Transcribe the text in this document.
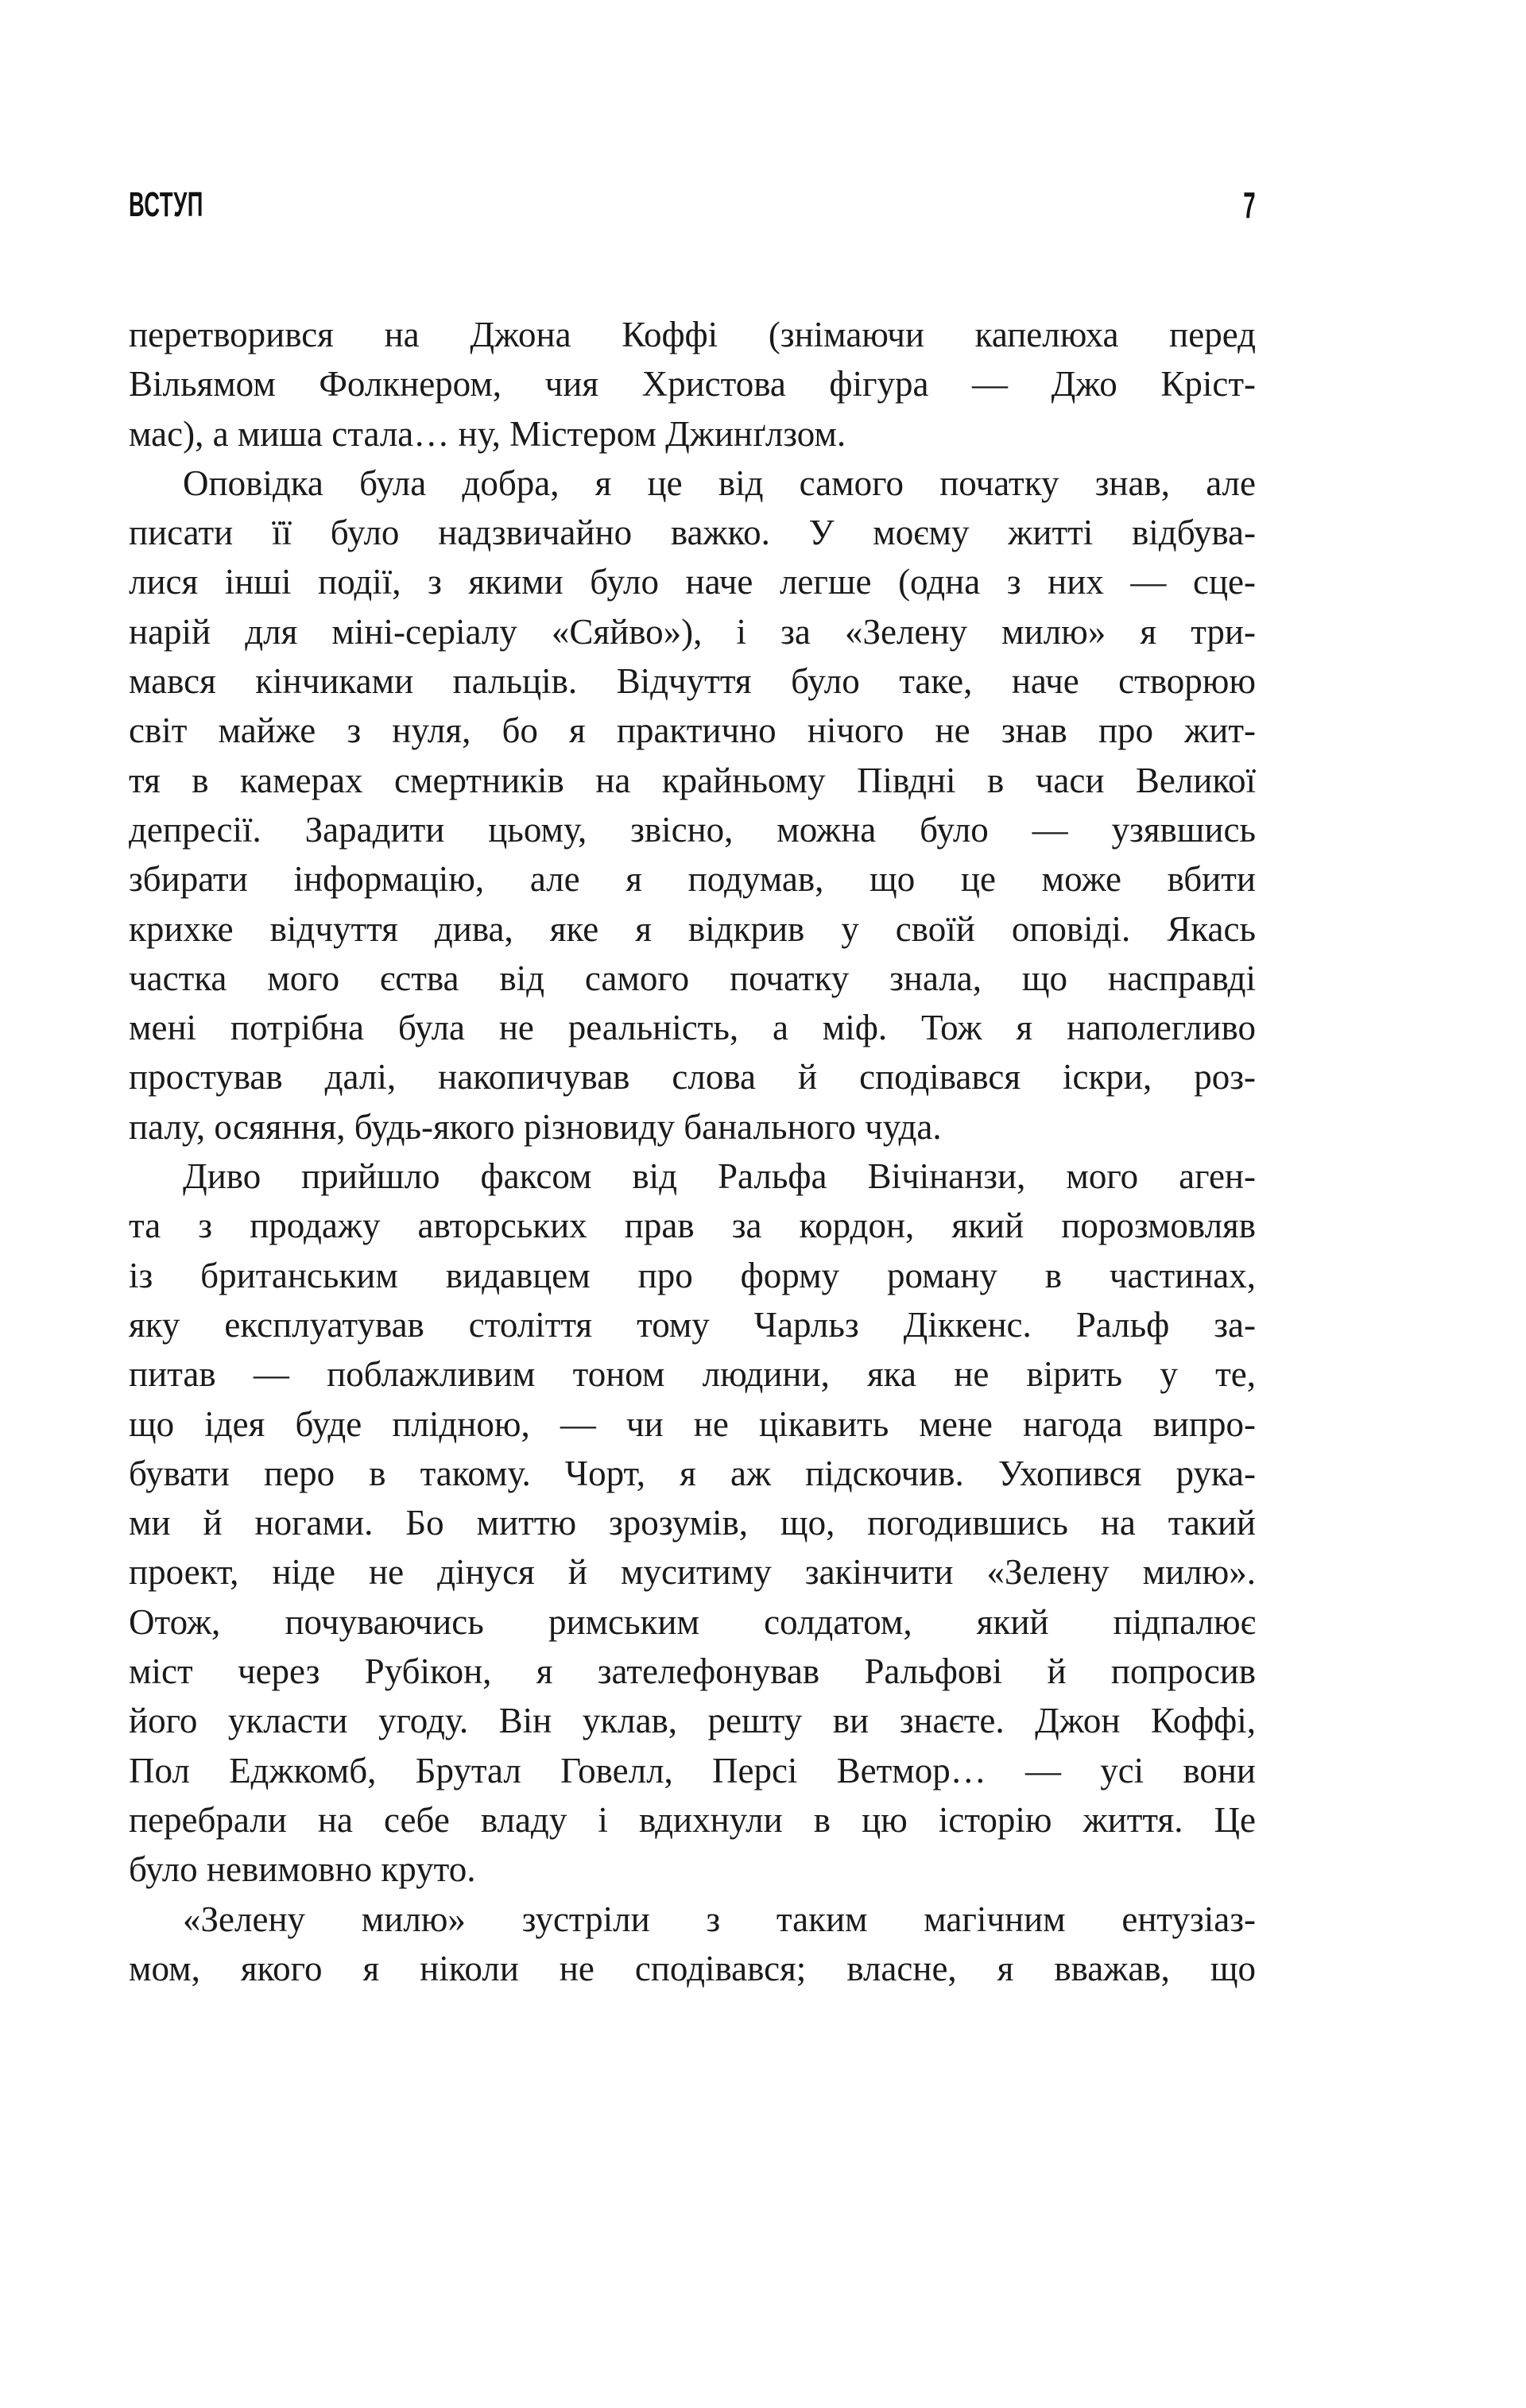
ВСТУП	7
перетворився на Джона Коффі (знімаючи капелюха перед
Вільямом Фолкнером, чия Христова фігура — Джо Кріст-
мас), а миша стала… ну, Містером Джинґлзом.
Оповідка була добра, я це від самого початку знав, але
писати її було надзвичайно важко. У моєму житті відбува-
лися інші події, з якими було наче легше (одна з них — сце-
нарій для міні-серіалу «Сяйво»), і за «Зелену милю» я три-
мався кінчиками пальців. Відчуття було таке, наче створюю
світ майже з нуля, бо я практично нічого не знав про жит-
тя в камерах смертників на крайньому Півдні в часи Великої
депресії. Зарадити цьому, звісно, можна було — узявшись
збирати інформацію, але я подумав, що це може вбити
крихке відчуття дива, яке я відкрив у своїй оповіді. Якась
частка мого єства від самого початку знала, що насправді
мені потрібна була не реальність, а міф. Тож я наполегливо
простував далі, накопичував слова й сподівався іскри, роз-
палу, осяяння, будь-якого різновиду банального чуда.
Диво прийшло факсом від Ральфа Вічінанзи, мого аген-
та з продажу авторських прав за кордон, який порозмовляв
із британським видавцем про форму роману в частинах,
яку експлуатував століття тому Чарльз Діккенс. Ральф за-
питав — поблажливим тоном людини, яка не вірить у те,
що ідея буде плідною, — чи не цікавить мене нагода випро-
бувати перо в такому. Чорт, я аж підскочив. Ухопився рука-
ми й ногами. Бо миттю зрозумів, що, погодившись на такий
проект, ніде не дінуся й муситиму закінчити «Зелену милю».
Отож, почуваючись римським солдатом, який підпалює
міст через Рубікон, я зателефонував Ральфові й попросив
його укласти угоду. Він уклав, решту ви знаєте. Джон Коффі,
Пол Еджкомб, Брутал Говелл, Персі Ветмор… — усі вони
перебрали на себе владу і вдихнули в цю історію життя. Це
було невимовно круто.
«Зелену милю» зустріли з таким магічним ентузіаз-
мом, якого я ніколи не сподівався; власне, я вважав, що
